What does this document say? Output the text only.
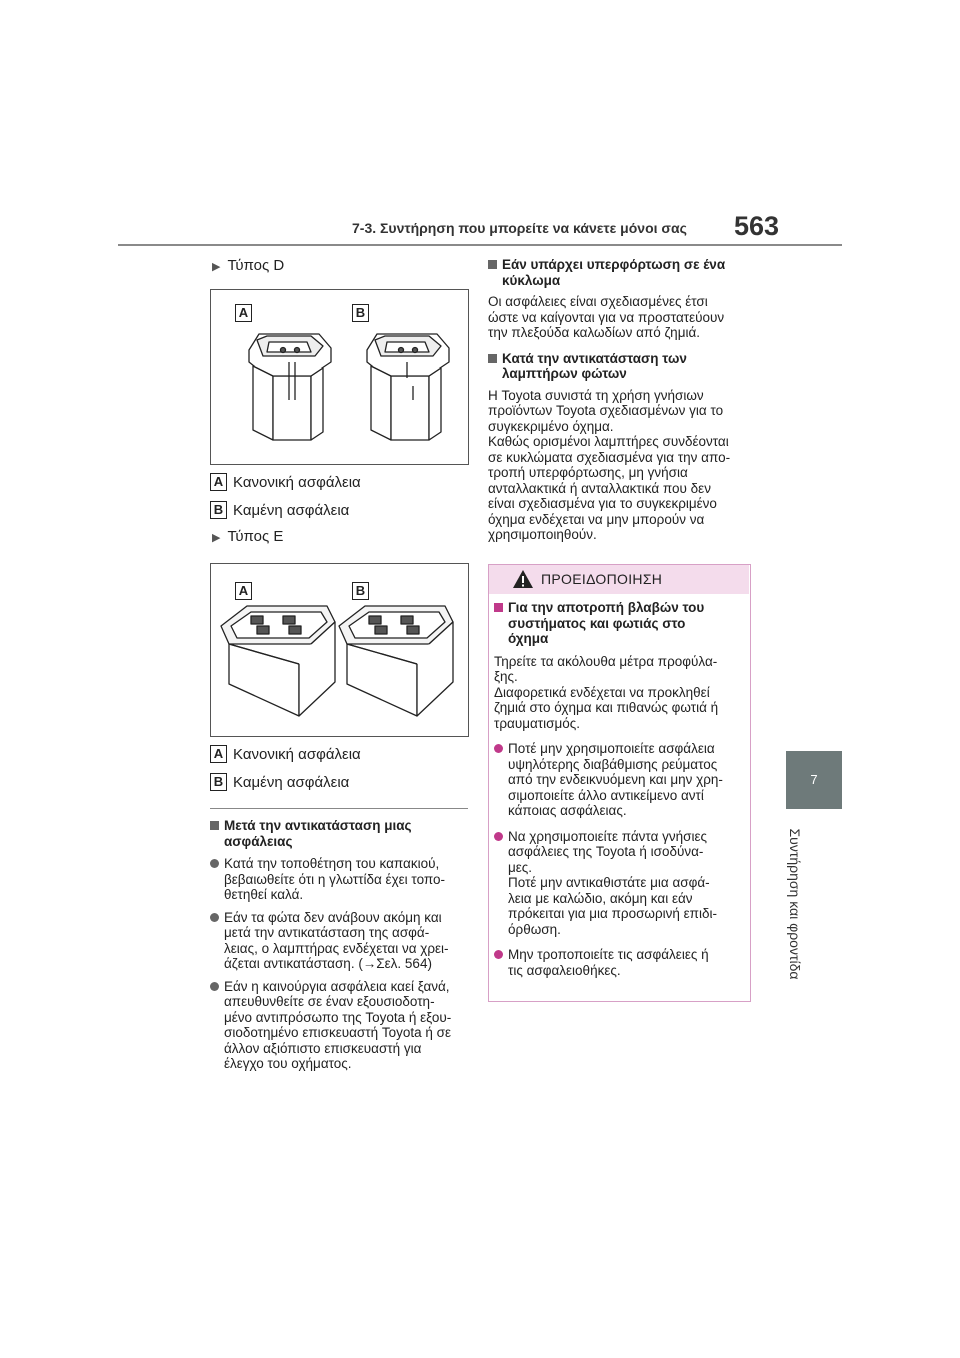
7-3. Συντήρηση που μπορείτε να κάνετε μόνοι σας 563
7
Συντήρηση και φροντίδα
▶ Τύπος D
A	B
A Κανονική ασφάλεια
B Καμένη ασφάλεια
▶ Τύπος E
A	B
A Κανονική ασφάλεια
B Καμένη ασφάλεια
Μετά την αντικατάσταση μιας
ασφάλειας
Κατά την τοποθέτηση του καπακιού,
βεβαιωθείτε ότι η γλωττίδα έχει τοπο-
θετηθεί καλά.
Εάν τα φώτα δεν ανάβουν ακόμη και
μετά την αντικατάσταση της ασφά-
λειας, ο λαμπτήρας ενδέχεται να χρει-
άζεται αντικατάσταση. (→Σελ. 564)
Εάν η καινούργια ασφάλεια καεί ξανά,
απευθυνθείτε σε έναν εξουσιοδοτη-
μένο αντιπρόσωπο της Toyota ή εξου-
σιοδοτημένο επισκευαστή Toyota ή σε
άλλον αξιόπιστο επισκευαστή για
έλεγχο του οχήματος.
Εάν υπάρχει υπερφόρτωση σε ένα
κύκλωμα
Οι ασφάλειες είναι σχεδιασμένες έτσι
ώστε να καίγονται για να προστατεύουν
την πλεξούδα καλωδίων από ζημιά.
Κατά την αντικατάσταση των
λαμπτήρων φώτων
Η Toyota συνιστά τη χρήση γνήσιων
προϊόντων Toyota σχεδιασμένων για το
συγκεκριμένο όχημα.
Καθώς ορισμένοι λαμπτήρες συνδέονται
σε κυκλώματα σχεδιασμένα για την απο-
τροπή υπερφόρτωσης, μη γνήσια
ανταλλακτικά ή ανταλλακτικά που δεν
είναι σχεδιασμένα για το συγκεκριμένο
όχημα ενδέχεται να μην μπορούν να
χρησιμοποιηθούν.
ΠΡΟΕΙΔΟΠΟΙΗΣΗ
Για την αποτροπή βλαβών του
συστήματος και φωτιάς στο
όχημα
Τηρείτε τα ακόλουθα μέτρα προφύλα-
ξης.
Διαφορετικά ενδέχεται να προκληθεί
ζημιά στο όχημα και πιθανώς φωτιά ή
τραυματισμός.
Ποτέ μην χρησιμοποιείτε ασφάλεια
υψηλότερης διαβάθμισης ρεύματος
από την ενδεικνυόμενη και μην χρη-
σιμοποιείτε άλλο αντικείμενο αντί
κάποιας ασφάλειας.
Να χρησιμοποιείτε πάντα γνήσιες
ασφάλειες της Toyota ή ισοδύνα-
μες.
Ποτέ μην αντικαθιστάτε μια ασφά-
λεια με καλώδιο, ακόμη και εάν
πρόκειται για μια προσωρινή επιδι-
όρθωση.
Μην τροποποιείτε τις ασφάλειες ή
τις ασφαλειοθήκες.
